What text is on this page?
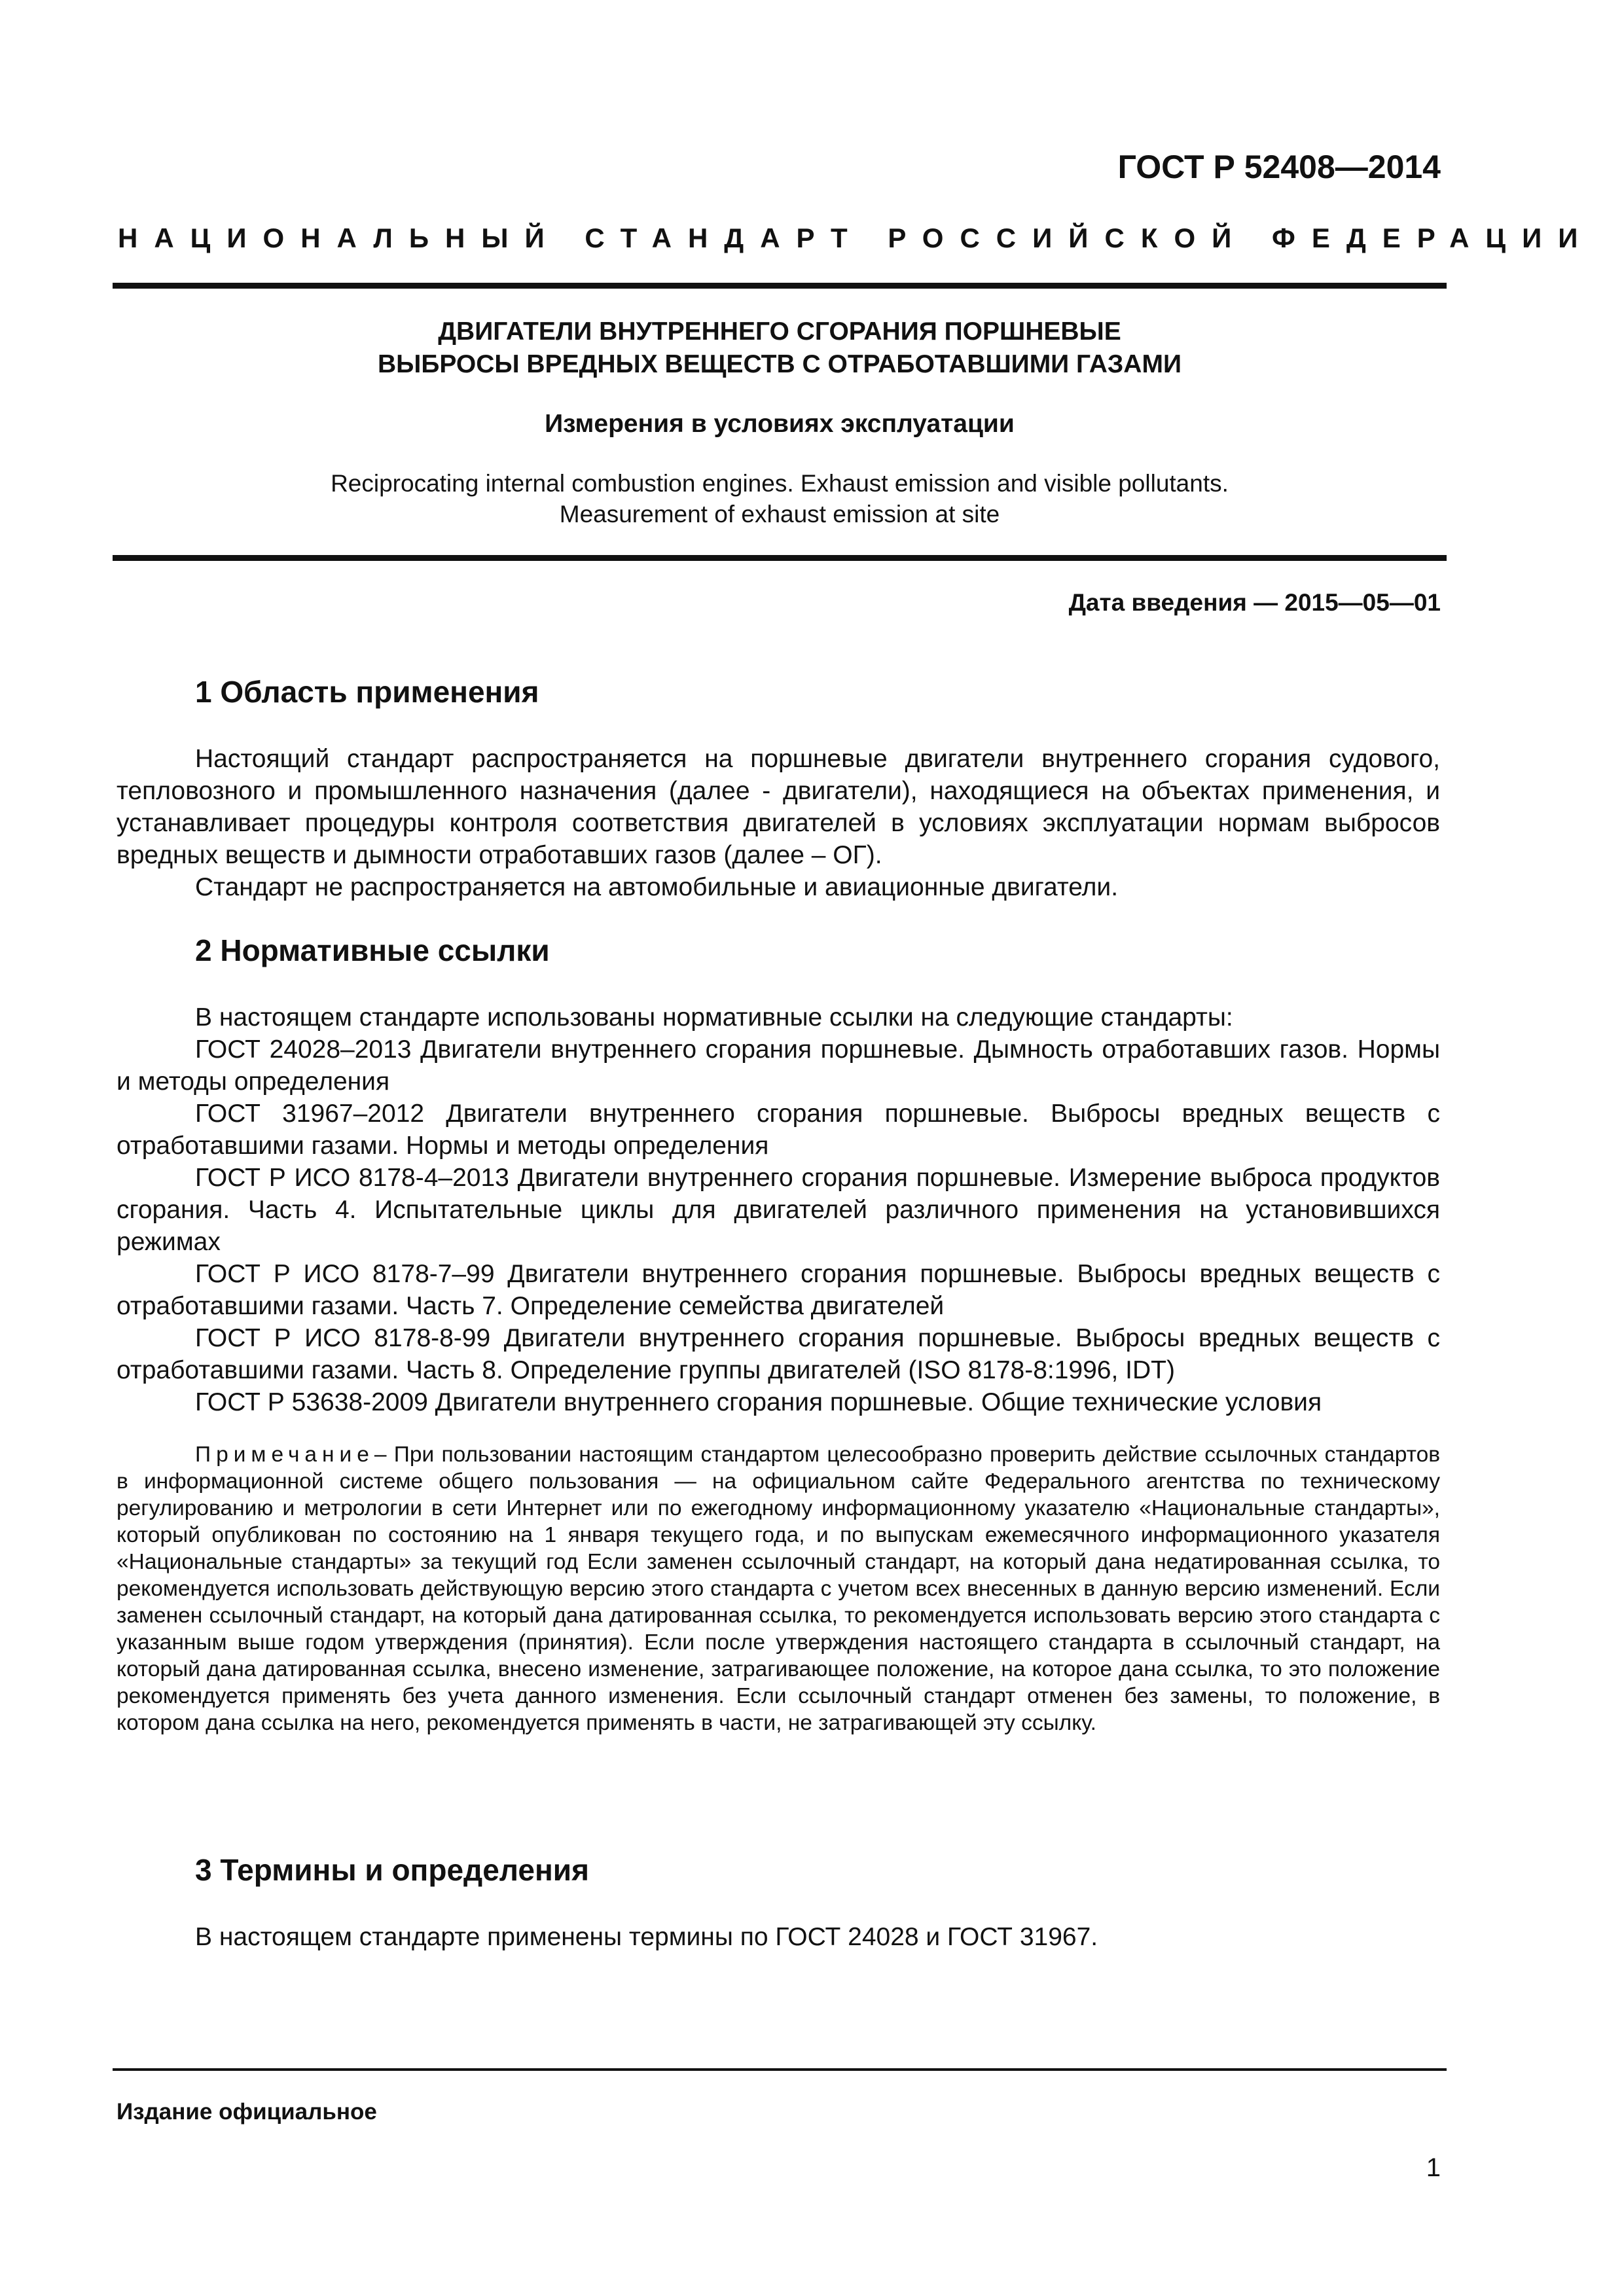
ГОСТ Р 52408—2014
НАЦИОНАЛЬНЫЙ СТАНДАРТ РОССИЙСКОЙ ФЕДЕРАЦИИ
ДВИГАТЕЛИ ВНУТРЕННЕГО СГОРАНИЯ ПОРШНЕВЫЕ
ВЫБРОСЫ ВРЕДНЫХ ВЕЩЕСТВ С ОТРАБОТАВШИМИ ГАЗАМИ
Измерения в условиях эксплуатации
Reciprocating internal combustion engines. Exhaust emission and visible pollutants.
Measurement of exhaust emission at site
Дата введения — 2015—05—01
1 Область применения

Настоящий стандарт распространяется на поршневые двигатели внутреннего сгорания судового, тепловозного и промышленного назначения (далее - двигатели), находящиеся на объектах применения, и устанавливает процедуры контроля соответствия двигателей в условиях эксплуатации нормам выбросов вредных веществ и дымности отработавших газов (далее – ОГ).

Стандарт не распространяется на автомобильные и авиационные двигатели.

2 Нормативные ссылки

В настоящем стандарте использованы нормативные ссылки на следующие стандарты:

ГОСТ 24028–2013 Двигатели внутреннего сгорания поршневые. Дымность отработавших газов. Нормы и методы определения

ГОСТ 31967–2012 Двигатели внутреннего сгорания поршневые. Выбросы вредных веществ с отработавшими газами. Нормы и методы определения

ГОСТ Р ИСО 8178-4–2013 Двигатели внутреннего сгорания поршневые. Измерение выброса продуктов сгорания. Часть 4. Испытательные циклы для двигателей различного применения на установившихся режимах

ГОСТ Р ИСО 8178-7–99 Двигатели внутреннего сгорания поршневые. Выбросы вредных веществ с отработавшими газами. Часть 7. Определение семейства двигателей

ГОСТ Р ИСО 8178-8-99 Двигатели внутреннего сгорания поршневые. Выбросы вредных веществ с отработавшими газами. Часть 8. Определение группы двигателей (ISO 8178-8:1996, IDT)

ГОСТ Р 53638-2009 Двигатели внутреннего сгорания поршневые. Общие технические условия

Примечание– При пользовании настоящим стандартом целесообразно проверить действие ссылочных стандартов в информационной системе общего пользования — на официальном сайте Федерального агентства по техническому регулированию и метрологии в сети Интернет или по ежегодному информационному указателю «Национальные стандарты», который опубликован по состоянию на 1 января текущего года, и по выпускам ежемесячного информационного указателя «Национальные стандарты» за текущий год Если заменен ссылочный стандарт, на который дана недатированная ссылка, то рекомендуется использовать действующую версию этого стандарта с учетом всех внесенных в данную версию изменений. Если заменен ссылочный стандарт, на который дана датированная ссылка, то рекомендуется использовать версию этого стандарта с указанным выше годом утверждения (принятия). Если после утверждения настоящего стандарта в ссылочный стандарт, на который дана датированная ссылка, внесено изменение, затрагивающее положение, на которое дана ссылка, то это положение рекомендуется применять без учета данного изменения. Если ссылочный стандарт отменен без замены, то положение, в котором дана ссылка на него, рекомендуется применять в части, не затрагивающей эту ссылку.

3 Термины и определения

В настоящем стандарте применены термины по ГОСТ 24028 и ГОСТ 31967.

Издание официальное
1
